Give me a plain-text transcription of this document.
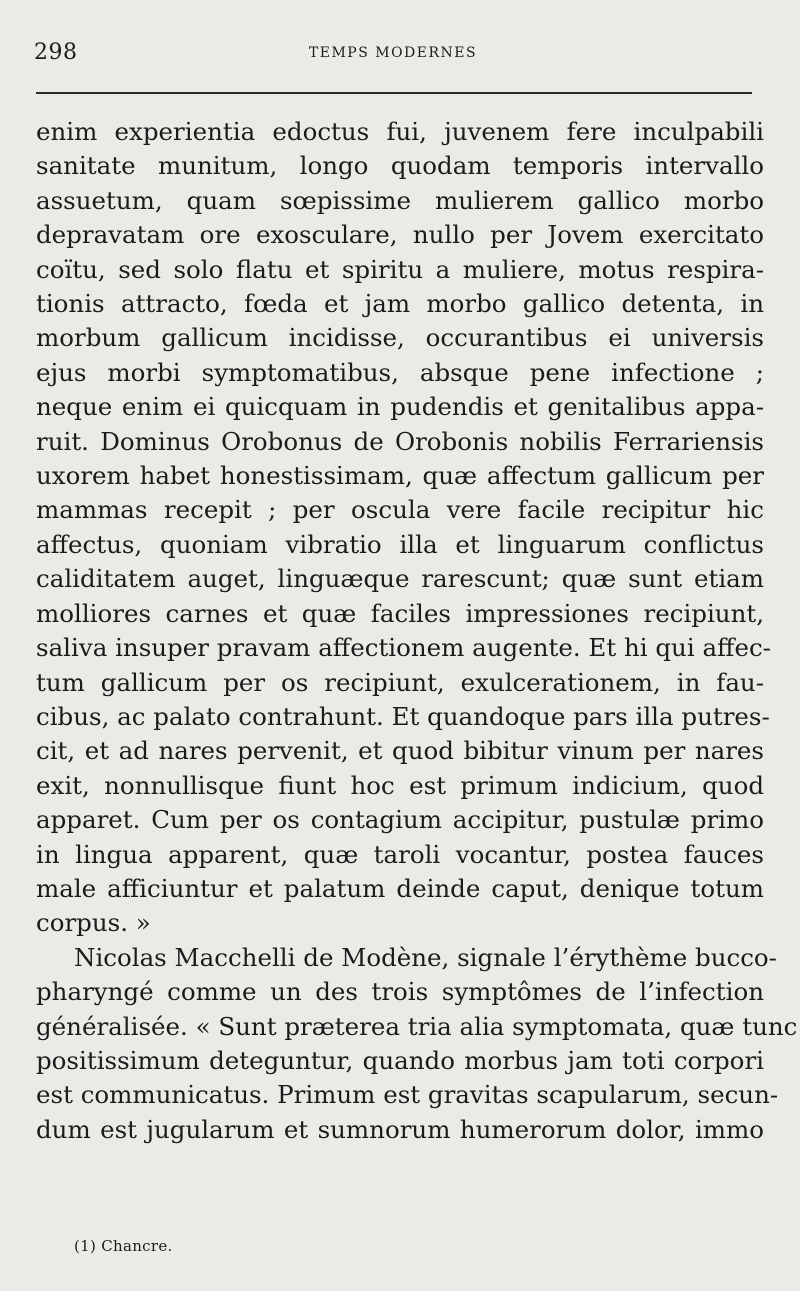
298	TEMPS MODERNES
enim experientia edoctus fui, juvenem fere inculpabili
sanitate munitum, longo quodam temporis intervallo
assuetum, quam sœpissime mulierem gallico morbo
depravatam ore exosculare, nullo per Jovem exercitato
coïtu, sed solo flatu et spiritu a muliere, motus respira-
tionis attracto, fœda et jam morbo gallico detenta, in
morbum gallicum incidisse, occurantibus ei universis
ejus morbi symptomatibus, absque pene infectione ;
neque enim ei quicquam in pudendis et genitalibus appa-
ruit. Dominus Orobonus de Orobonis nobilis Ferrariensis
uxorem habet honestissimam, quæ affectum gallicum per
mammas recepit ; per oscula vere facile recipitur hic
affectus, quoniam vibratio illa et linguarum conflictus
caliditatem auget, linguæque rarescunt; quæ sunt etiam
molliores carnes et quæ faciles impressiones recipiunt,
saliva insuper pravam affectionem augente. Et hi qui affec-
tum gallicum per os recipiunt, exulcerationem, in fau-
cibus, ac palato contrahunt. Et quandoque pars illa putres-
cit, et ad nares pervenit, et quod bibitur vinum per nares
exit, nonnullisque fiunt hoc est primum indicium, quod
apparet. Cum per os contagium accipitur, pustulæ primo
in lingua apparent, quæ taroli vocantur, postea fauces
male afficiuntur et palatum deinde caput, denique totum
corpus. »
Nicolas Macchelli de Modène, signale l’érythème bucco-
pharyngé comme un des trois symptômes de l’infection
généralisée. « Sunt præterea tria alia symptomata, quæ tunc
positissimum deteguntur, quando morbus jam toti corpori
est communicatus. Primum est gravitas scapularum, secun-
dum est jugularum et sumnorum humerorum dolor, immo
(1) Chancre.
